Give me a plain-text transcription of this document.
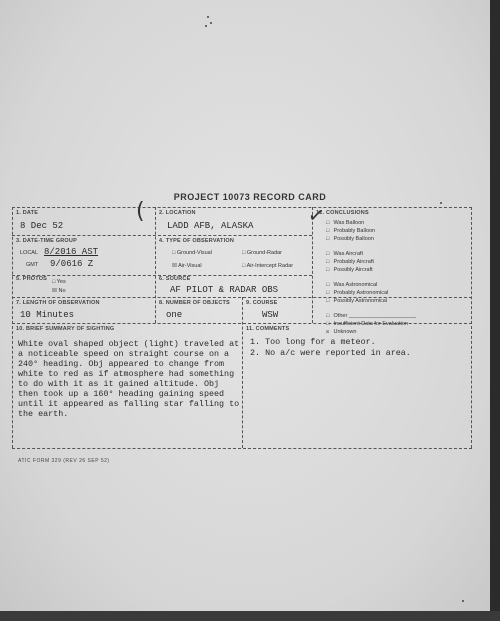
PROJECT 10073 RECORD CARD
(	✓
1. DATE
8 Dec 52
2. LOCATION
LADD AFB, ALASKA
3. DATE-TIME GROUP
LOCAL 8/2016 AST
GMT 9/0616 Z
4. TYPE OF OBSERVATION
□ Ground-Visual	□ Ground-Radar
☒ Air-Visual	□ Air-Intercept Radar
5. PHOTOS □ Yes
☒ No
6. SOURCE
AF PILOT & RADAR OBS
7. LENGTH OF OBSERVATION
10 Minutes
8. NUMBER OF OBJECTS
one
9. COURSE
WSW
12. CONCLUSIONS
□ Was Balloon
□ Probably Balloon
□ Possibly Balloon
□ Was Aircraft
□ Probably Aircraft
□ Possibly Aircraft
□ Was Astronomical
□ Probably Astronomical
□ Possibly Astronomical
□ Other ______________________
□ Insufficient Data for Evaluation
☒ Unknown
10. BRIEF SUMMARY OF SIGHTING
White oval shaped object (light) traveled at
a noticeable speed on straight course on a
240° heading. Obj appeared to change from
white to red as if atmosphere had something
to do with it as it gained altitude. Obj
then took up a 160° heading gaining speed
until it appeared as falling star falling to
the earth.
11. COMMENTS
1. Too long for a meteor.
2. No a/c were reported in area.
ATIC FORM 329 (REV 26 SEP 52)
